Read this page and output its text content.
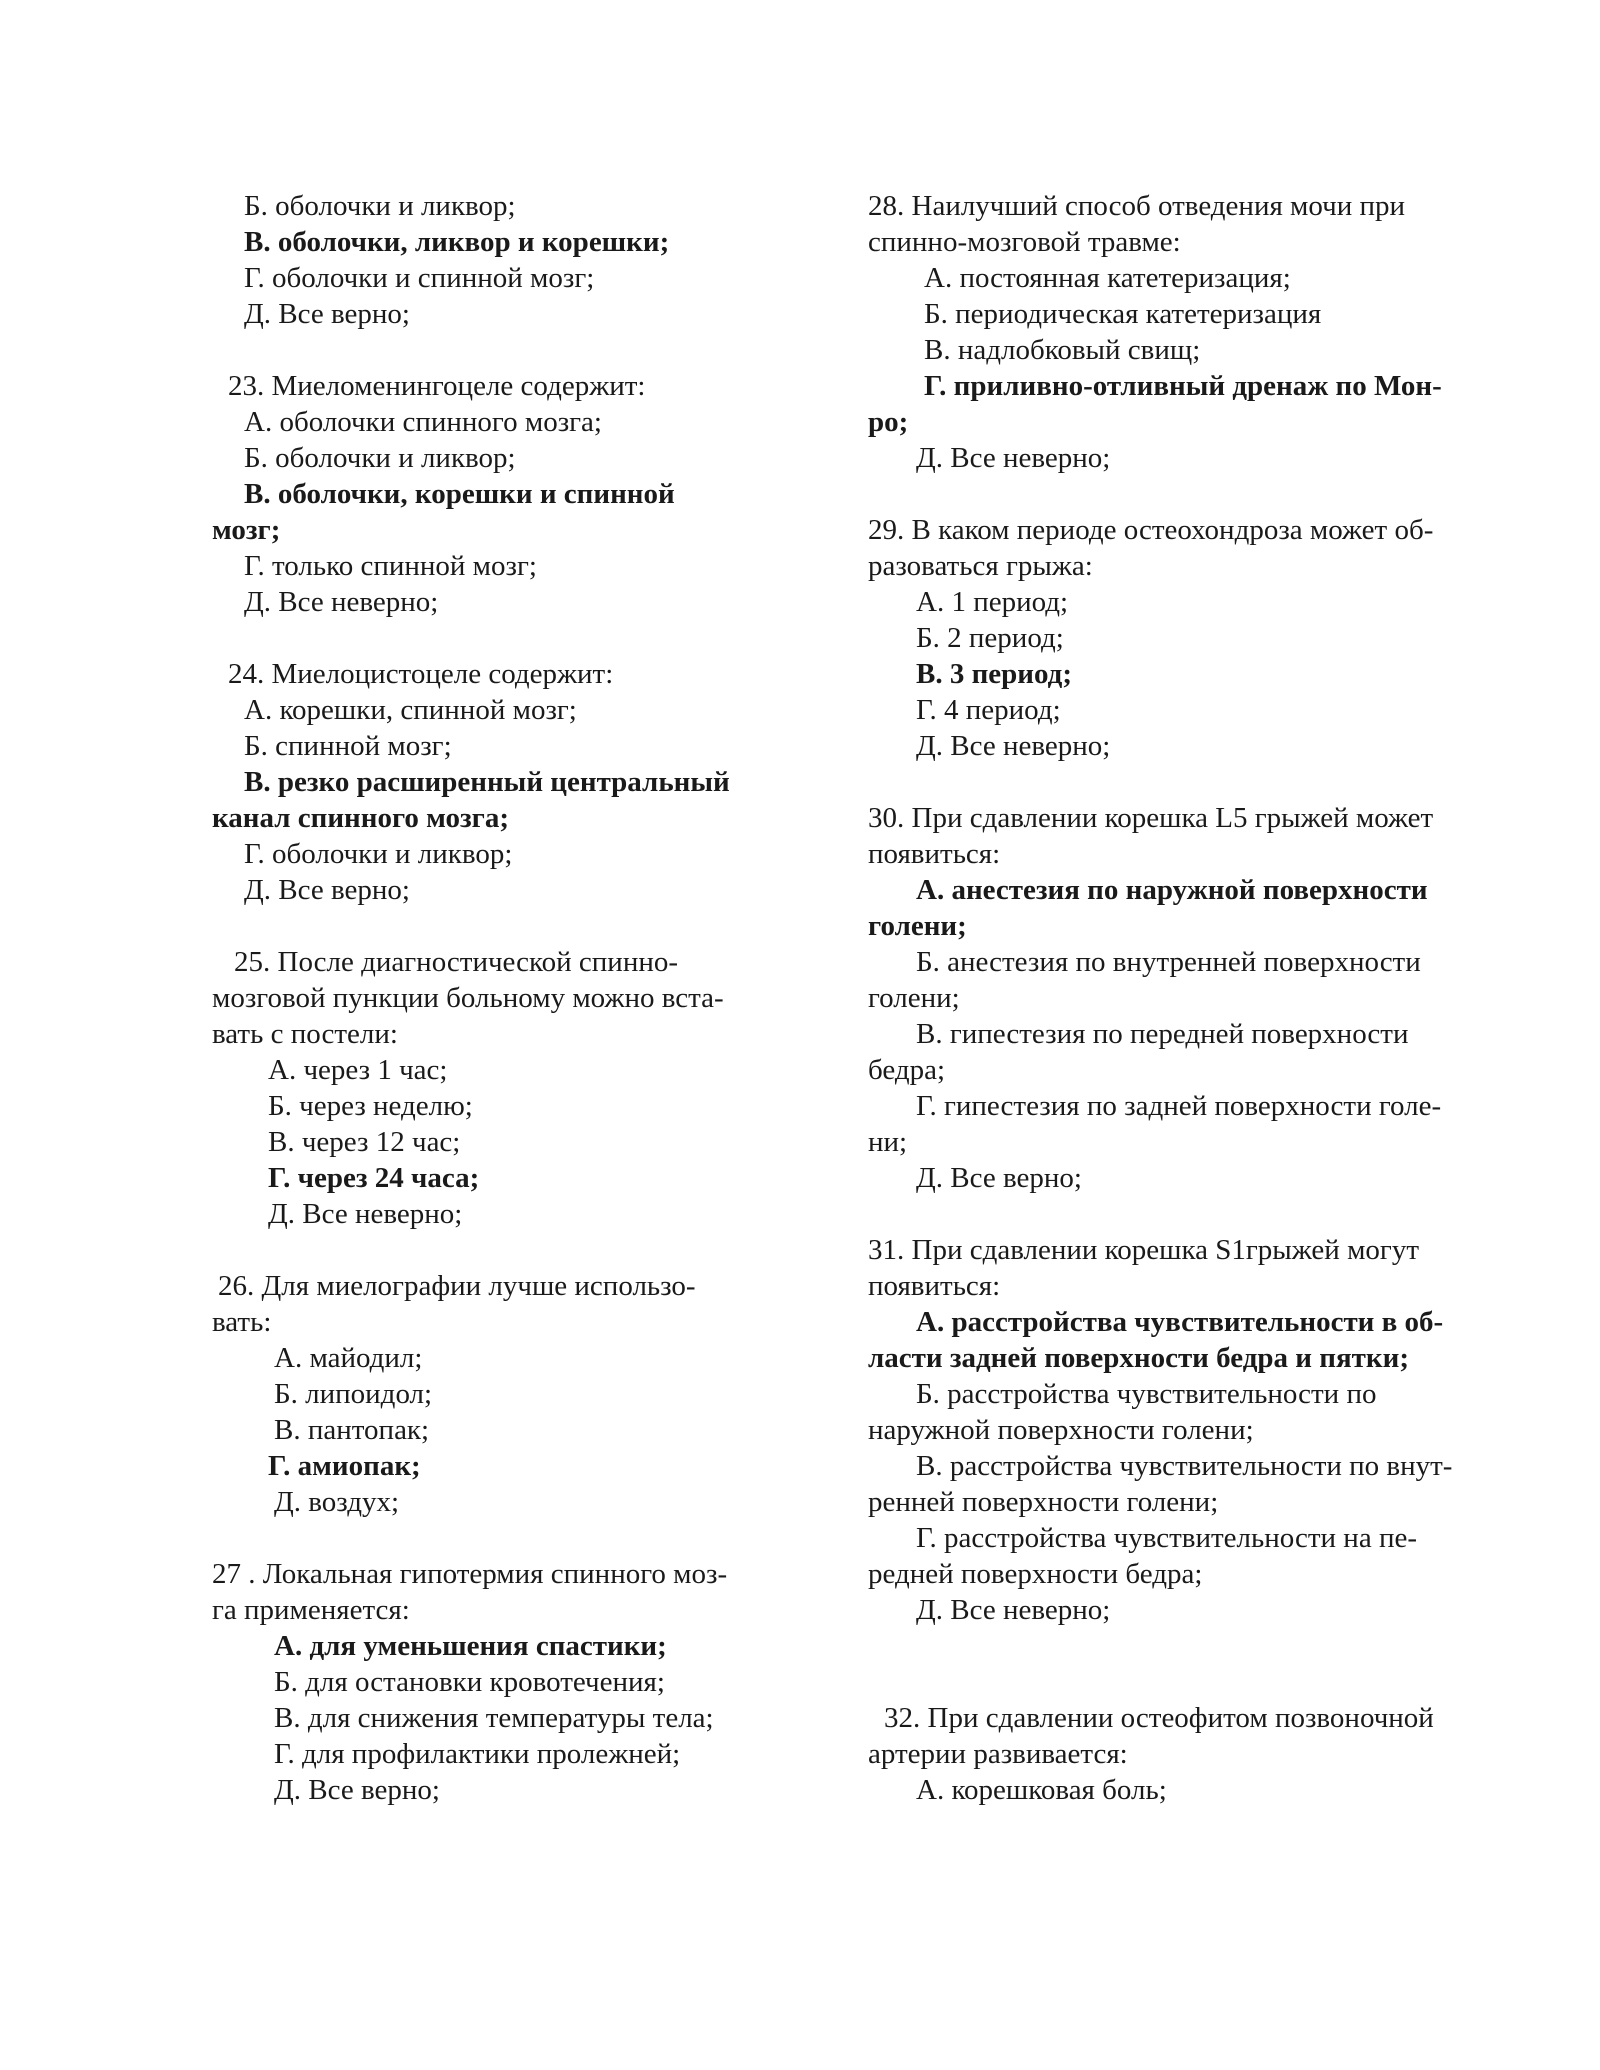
Б. оболочки и ликвор;
В. оболочки, ликвор и корешки;
Г. оболочки и спинной мозг;
Д. Все верно;
23. Миеломенингоцеле содержит:
А. оболочки спинного мозга;
Б. оболочки и ликвор;
В. оболочки, корешки и спинной
мозг;
Г. только спинной мозг;
Д. Все неверно;
24. Миелоцистоцеле содержит:
А. корешки, спинной мозг;
Б. спинной мозг;
В. резко расширенный центральный
канал спинного мозга;
Г. оболочки и ликвор;
Д. Все верно;
25. После диагностической спинно-
мозговой пункции больному можно вста-
вать с постели:
А. через 1 час;
Б. через неделю;
В. через 12 час;
Г. через 24 часа;
Д. Все неверно;
26. Для миелографии лучше использо-
вать:
А. майодил;
Б. липоидол;
В. пантопак;
Г. амиопак;
Д. воздух;
27 . Локальная гипотермия спинного моз-
га применяется:
А. для уменьшения спастики;
Б. для остановки кровотечения;
В. для снижения температуры тела;
Г. для профилактики пролежней;
Д. Все верно;
28. Наилучший способ отведения мочи при
спинно-мозговой травме:
А. постоянная катетеризация;
Б. периодическая катетеризация
В. надлобковый свищ;
Г. приливно-отливный дренаж по Мон-
ро;
Д. Все неверно;
29. В каком периоде остеохондроза может об-
разоваться грыжа:
А. 1 период;
Б. 2 период;
В. 3 период;
Г. 4 период;
Д. Все неверно;
30. При сдавлении корешка L5 грыжей может
появиться:
А. анестезия по наружной поверхности
голени;
Б. анестезия по внутренней поверхности
голени;
В. гипестезия по передней поверхности
бедра;
Г. гипестезия по задней поверхности голе-
ни;
Д. Все верно;
31. При сдавлении корешка S1грыжей могут
появиться:
А. расстройства чувствительности в об-
ласти задней поверхности бедра и пятки;
Б. расстройства чувствительности по
наружной поверхности голени;
В. расстройства чувствительности по внут-
ренней поверхности голени;
Г. расстройства чувствительности на пе-
редней поверхности бедра;
Д. Все неверно;
32. При сдавлении остеофитом позвоночной
артерии развивается:
А. корешковая боль;
